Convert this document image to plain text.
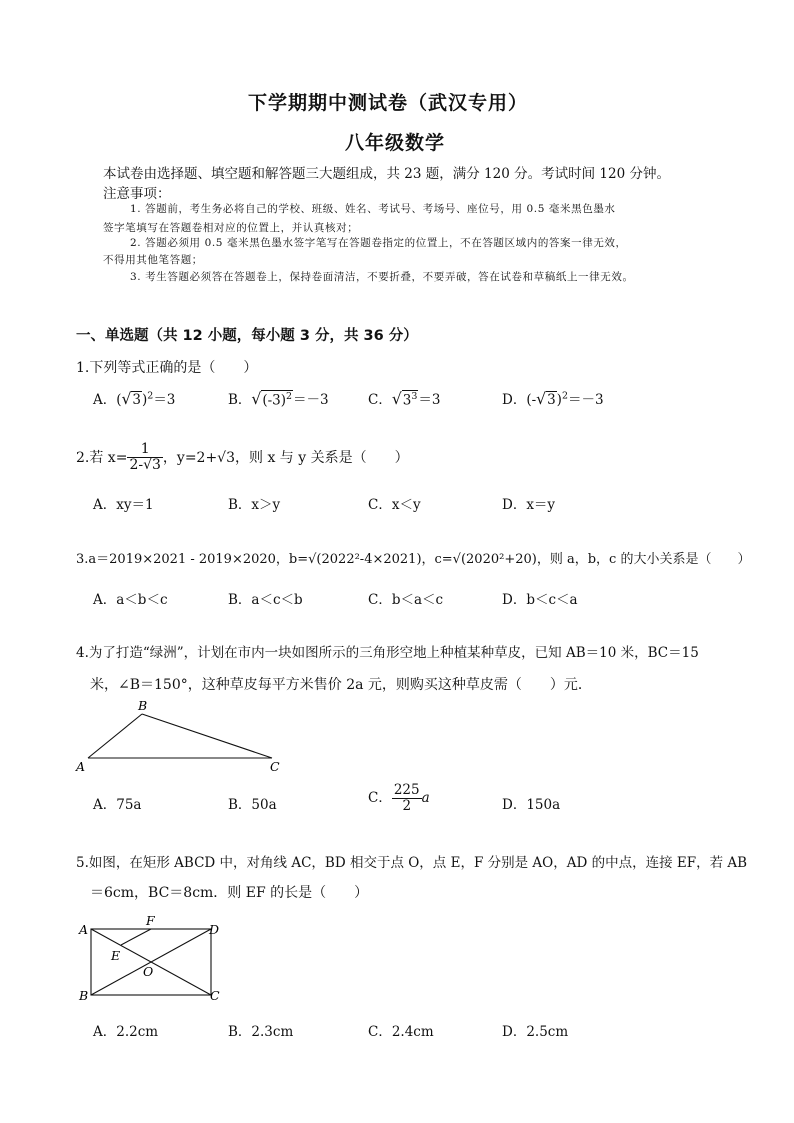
下学期期中测试卷（武汉专用）
八年级数学
本试卷由选择题、填空题和解答题三大题组成，共 23 题，满分 120 分。考试时间 120 分钟。
注意事项：
1. 答题前，考生务必将自己的学校、班级、姓名、考试号、考场号、座位号，用 0.5 毫米黑色墨水
签字笔填写在答题卷相对应的位置上，并认真核对；
2. 答题必须用 0.5 毫米黑色墨水签字笔写在答题卷指定的位置上，不在答题区域内的答案一律无效，
不得用其他笔答题；
3. 考生答题必须答在答题卷上，保持卷面清洁，不要折叠，不要弄破，答在试卷和草稿纸上一律无效。
一、单选题（共 12 小题，每小题 3 分，共 36 分）
1.下列等式正确的是（　　）
A．$(√3)^2=3$	B．$√(-3)^2=-3$	C．$√3^3=3$	D．$(-√3)^2=-3$
2.若 $x= \frac{1}{2-√3}$ ，y=2+√3，则 x 与 y 关系是（　　）
A．xy＝1	B．x＞y	C．x＜y	D．x＝y
3.a＝2019×2021 - 2019×2020，b=√(2022²-4×2021)，c=√(2020²+20)，则 a，b，c 的大小关系是（　　）
A．a＜b＜c	B．a＜c＜b	C．b＜a＜c	D．b＜c＜a
4.为了打造“绿洲”，计划在市内一块如图所示的三角形空地上种植某种草皮，已知 AB＝10 米，BC＝15
米，∠B＝150°，这种草皮每平方米售价 2a 元，则购买这种草皮需（　　）元．
B
A	C
A．75a	B．50a	C． $\frac{225}{2}$ a	D．150a
5.如图，在矩形 ABCD 中，对角线 AC，BD 相交于点 O，点 E，F 分别是 AO，AD 的中点，连接 EF，若 AB
＝6cm，BC＝8cm．则 EF 的长是（　　）
A
F
D
E
O
B	C
A．2.2cm	B．2.3cm	C．2.4cm	D．2.5cm
